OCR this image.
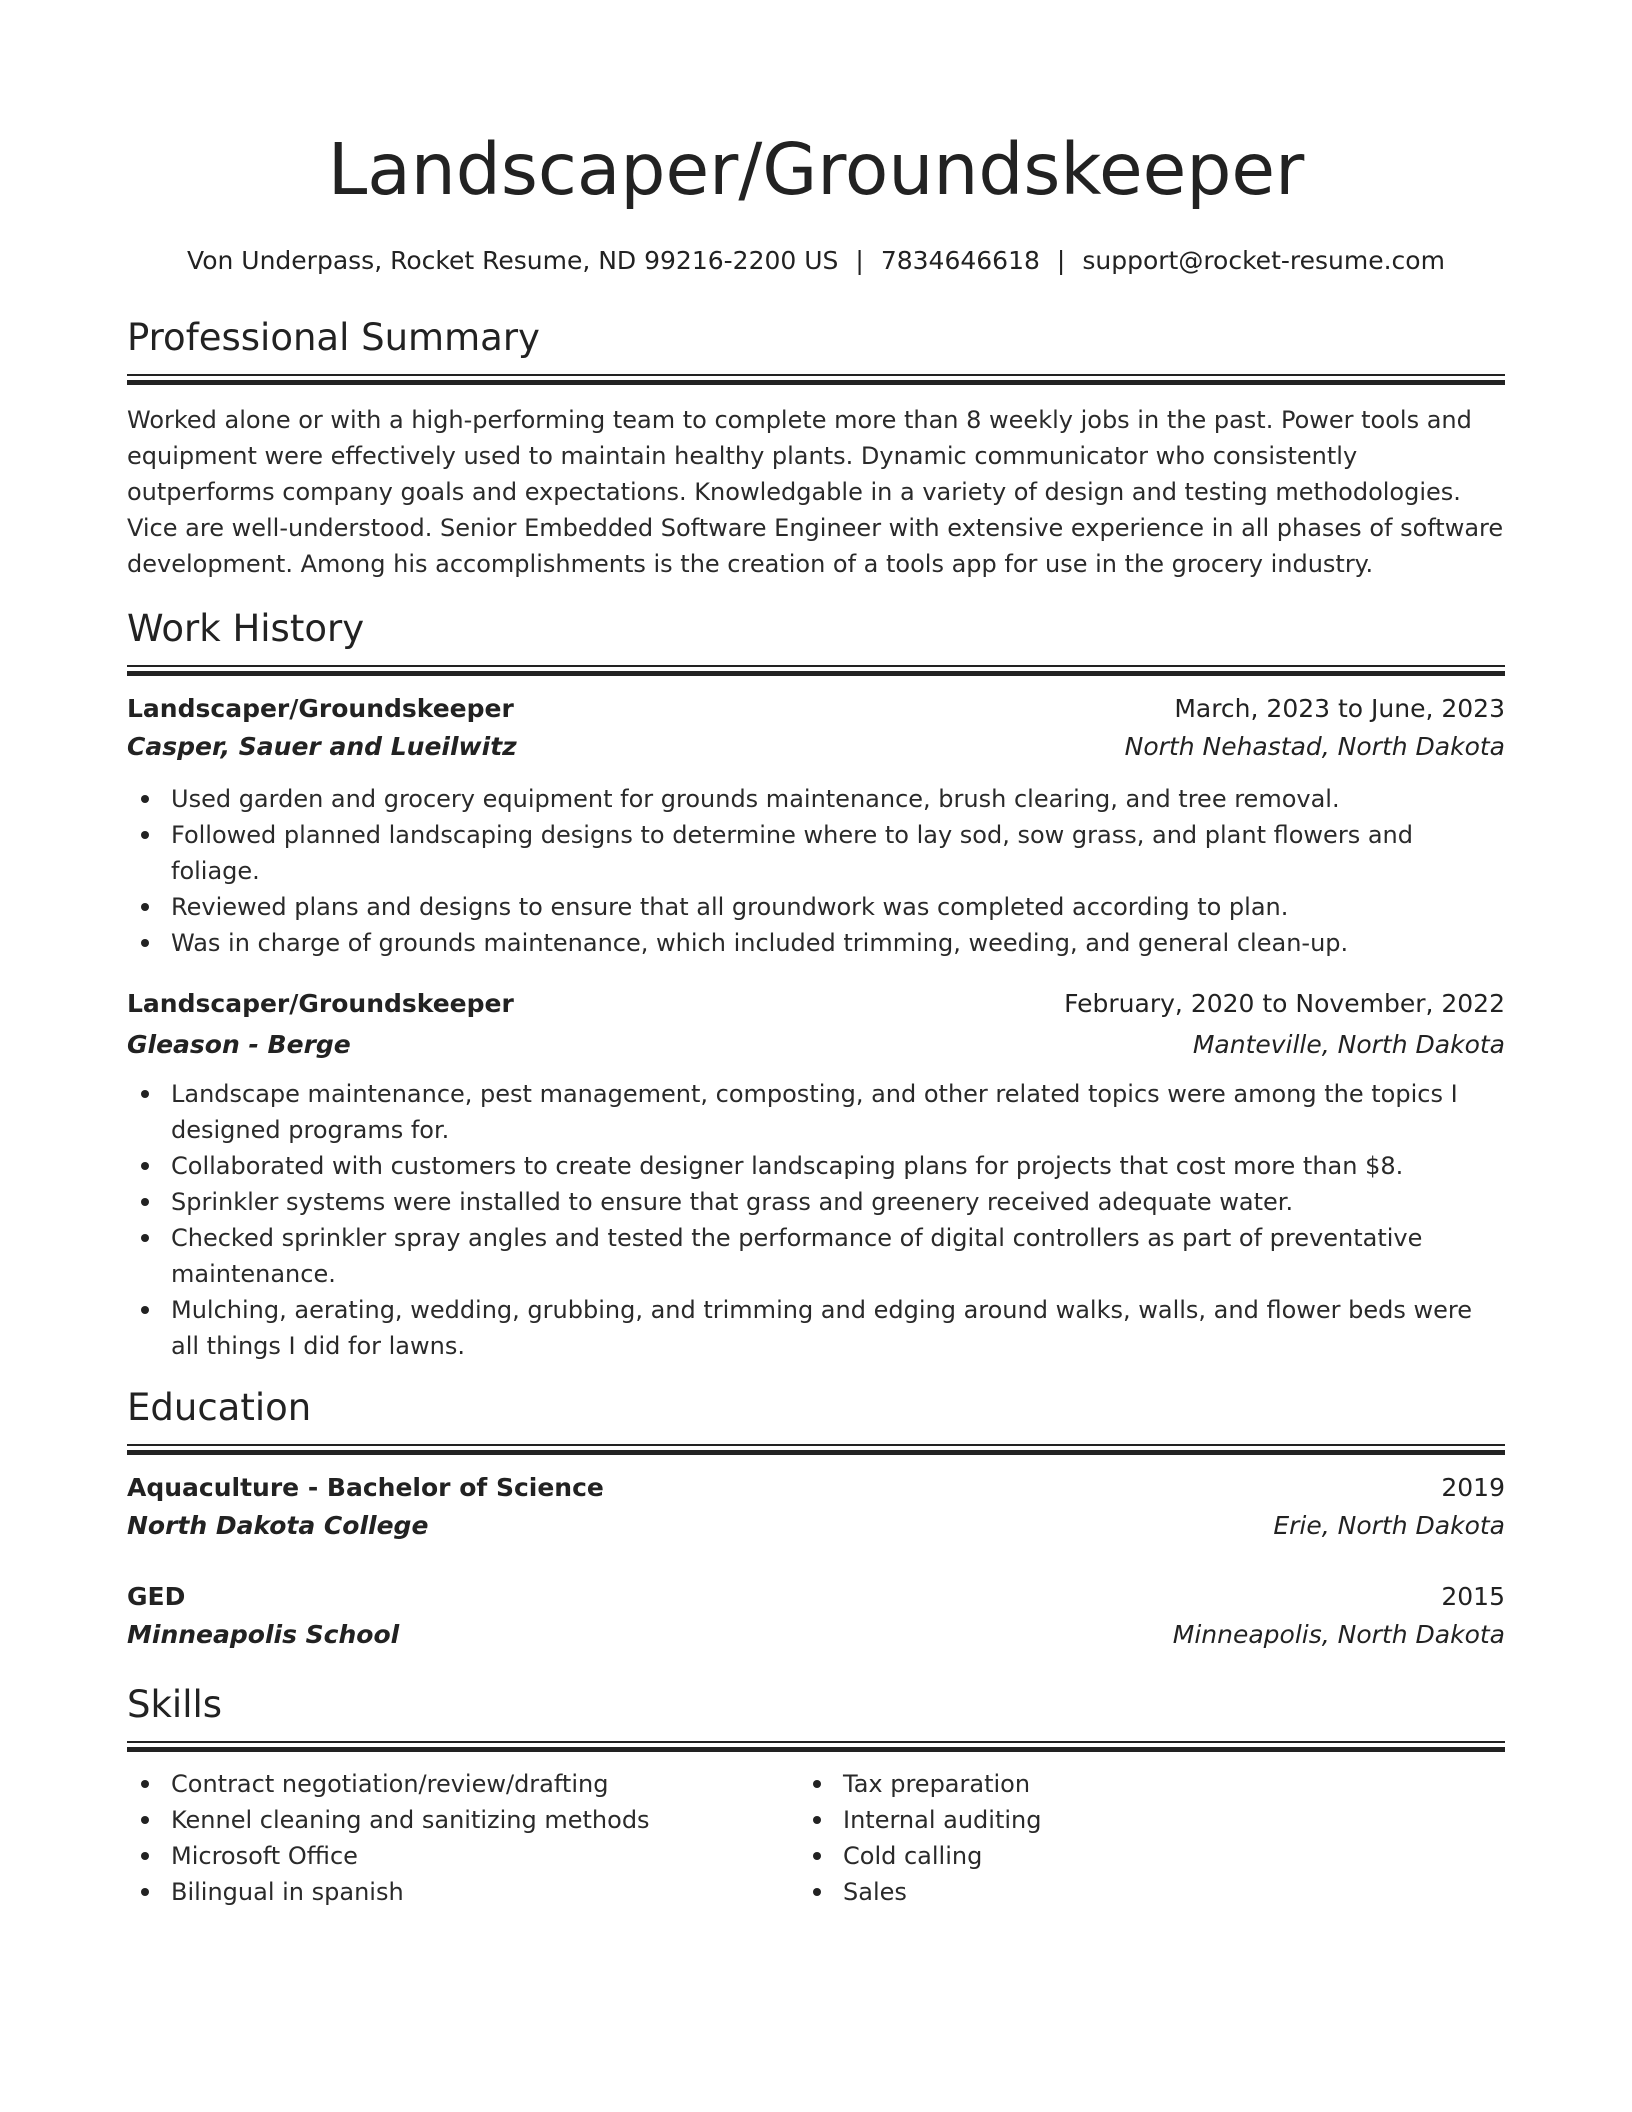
Landscaper/Groundskeeper
Von Underpass, Rocket Resume, ND 99216-2200 US | 7834646618 | support@rocket-resume.com
Professional Summary
Worked alone or with a high-performing team to complete more than 8 weekly jobs in the past. Power tools and equipment were effectively used to maintain healthy plants. Dynamic communicator who consistently outperforms company goals and expectations. Knowledgable in a variety of design and testing methodologies. Vice are well-understood. Senior Embedded Software Engineer with extensive experience in all phases of software development. Among his accomplishments is the creation of a tools app for use in the grocery industry.
Work History
Landscaper/Groundskeeper	March, 2023 to June, 2023
Casper, Sauer and Lueilwitz	North Nehastad, North Dakota
Used garden and grocery equipment for grounds maintenance, brush clearing, and tree removal.
Followed planned landscaping designs to determine where to lay sod, sow grass, and plant flowers and foliage.
Reviewed plans and designs to ensure that all groundwork was completed according to plan.
Was in charge of grounds maintenance, which included trimming, weeding, and general clean-up.
Landscaper/Groundskeeper	February, 2020 to November, 2022
Gleason - Berge	Manteville, North Dakota
Landscape maintenance, pest management, composting, and other related topics were among the topics I designed programs for.
Collaborated with customers to create designer landscaping plans for projects that cost more than $8.
Sprinkler systems were installed to ensure that grass and greenery received adequate water.
Checked sprinkler spray angles and tested the performance of digital controllers as part of preventative maintenance.
Mulching, aerating, wedding, grubbing, and trimming and edging around walks, walls, and flower beds were all things I did for lawns.
Education
Aquaculture - Bachelor of Science	2019
North Dakota College	Erie, North Dakota
GED	2015
Minneapolis School	Minneapolis, North Dakota
Skills
Contract negotiation/review/drafting
Kennel cleaning and sanitizing methods
Microsoft Office
Bilingual in spanish
Tax preparation
Internal auditing
Cold calling
Sales
